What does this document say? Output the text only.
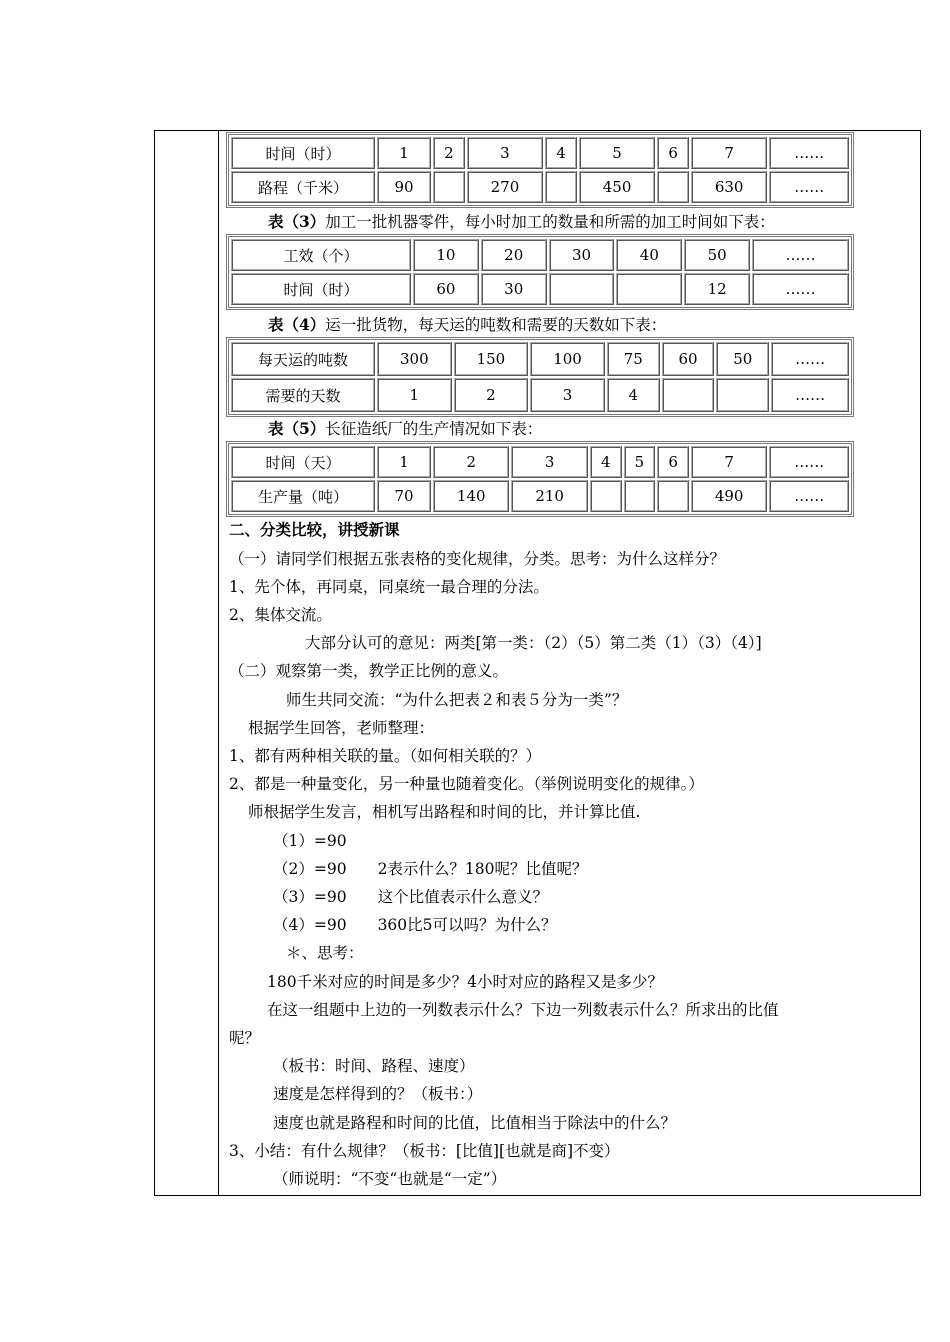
时间（时）	1	2	3	4	5	6	7	……
路程（千米）	90		270		450		630	……
表（3）加工一批机器零件，每小时加工的数量和所需的加工时间如下表：
工效（个）	10	20	30	40	50	……
时间（时）	60	30			12	……
表（4）运一批货物，每天运的吨数和需要的天数如下表：
每天运的吨数	300	150	100	75	60	50	……
需要的天数	1	2	3	4			……
表（5）长征造纸厂的生产情况如下表：
时间（天）	1	2	3	4	5	6	7	……
生产量（吨）	70	140	210				490	……
二、分类比较，讲授新课
（一）请同学们根据五张表格的变化规律，分类。思考：为什么这样分？
1、先个体，再同桌，同桌统一最合理的分法。
2、集体交流。
大部分认可的意见：两类[第一类：（2）（5）第二类（1）（3）（4）]
（二）观察第一类，教学正比例的意义。
师生共同交流：“为什么把表２和表５分为一类”？
根据学生回答，老师整理：
1、都有两种相关联的量。（如何相关联的？）
2、都是一种量变化，另一种量也随着变化。（举例说明变化的规律。）
师根据学生发言，相机写出路程和时间的比，并计算比值.
（1）=90
（2）=90　　2表示什么？180呢？比值呢？
（3）=90　　这个比值表示什么意义？
（4）=90　　360比5可以吗？为什么？
＊、思考：
180千米对应的时间是多少？4小时对应的路程又是多少？
在这一组题中上边的一列数表示什么？下边一列数表示什么？所求出的比值
呢？
（板书：时间、路程、速度）
速度是怎样得到的？（板书：）
速度也就是路程和时间的比值，比值相当于除法中的什么？
3、小结：有什么规律？（板书：[比值][也就是商]不变）
（师说明：“不变“也就是“一定”）
